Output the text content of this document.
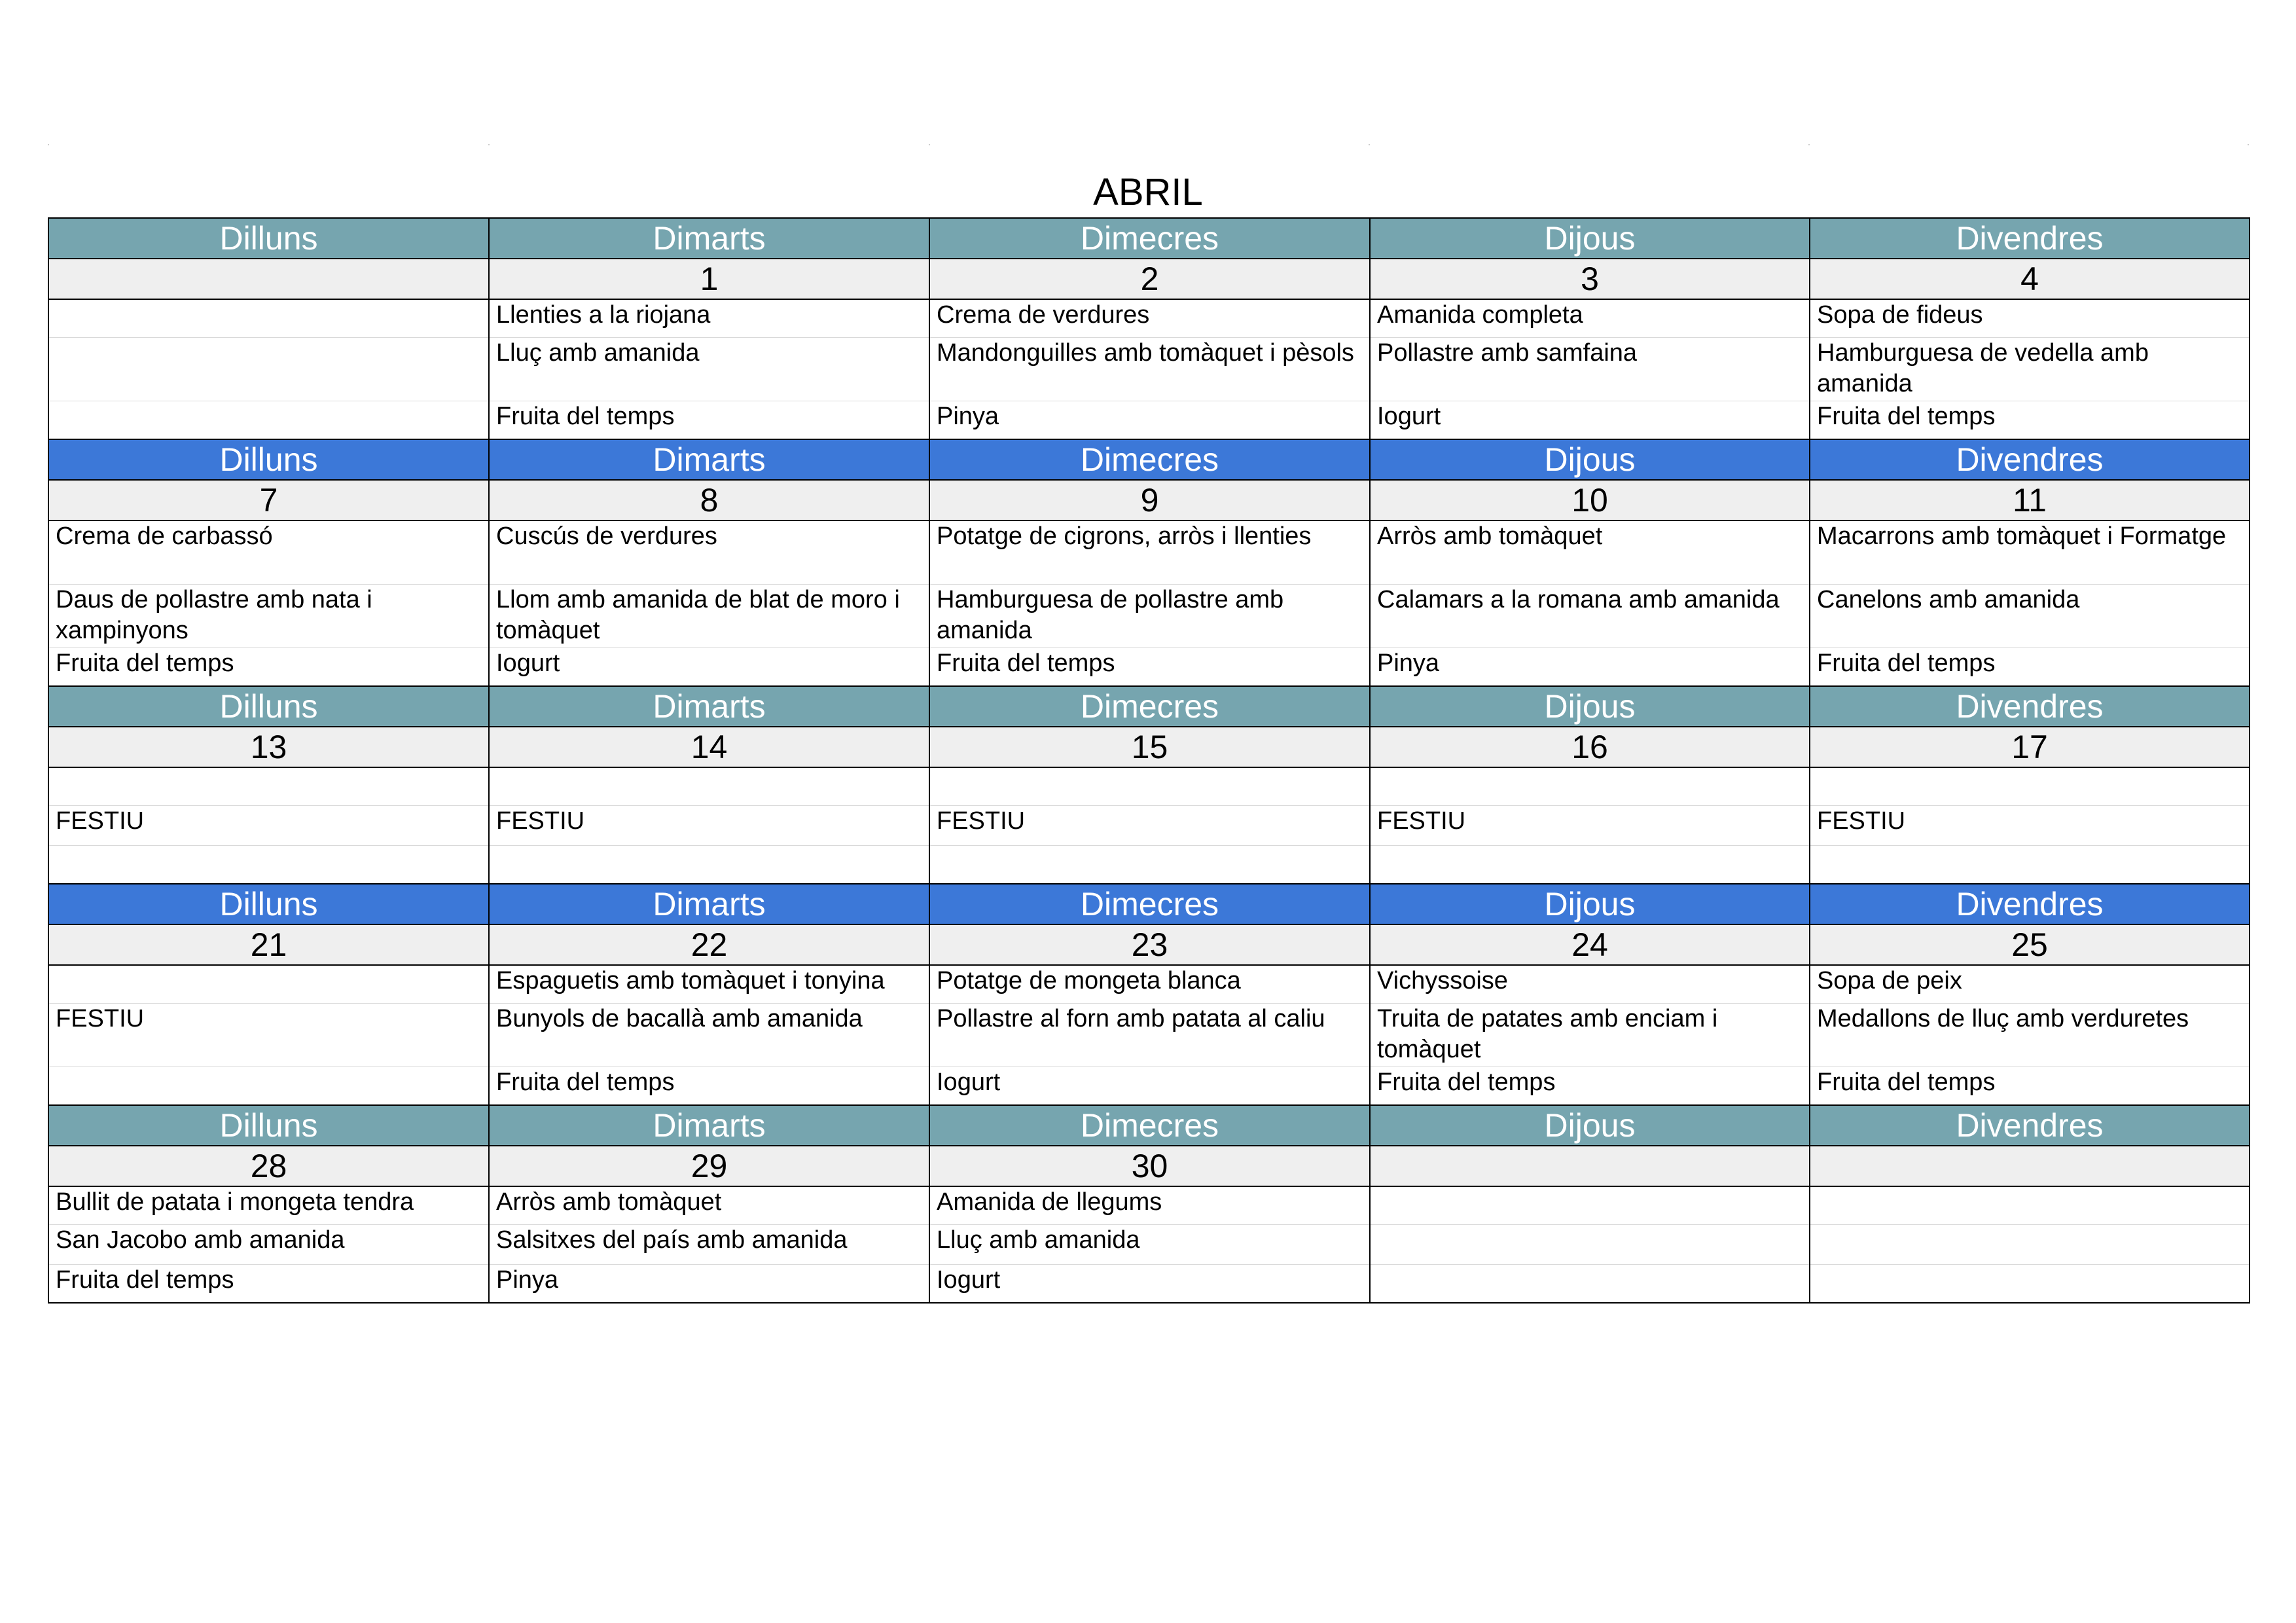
ABRIL
Dilluns	Dimarts	Dimecres	Dijous	Divendres
	1	2	3	4
	Llenties a la riojana	Crema de verdures	Amanida completa	Sopa de fideus
	Lluç amb amanida	Mandonguilles amb tomàquet i pèsols	Pollastre amb samfaina	Hamburguesa de vedella amb amanida
	Fruita del temps	Pinya	Iogurt	Fruita del temps
Dilluns	Dimarts	Dimecres	Dijous	Divendres
7	8	9	10	11
Crema de carbassó	Cuscús de verdures	Potatge de cigrons, arròs i llenties	Arròs amb tomàquet	Macarrons amb tomàquet i Formatge
Daus de pollastre amb nata i xampinyons	Llom amb amanida de blat de moro i tomàquet	Hamburguesa de pollastre amb amanida	Calamars a la romana amb amanida	Canelons amb amanida
Fruita del temps	Iogurt	Fruita del temps	Pinya	Fruita del temps
Dilluns	Dimarts	Dimecres	Dijous	Divendres
13	14	15	16	17

FESTIU	FESTIU	FESTIU	FESTIU	FESTIU

Dilluns	Dimarts	Dimecres	Dijous	Divendres
21	22	23	24	25
	Espaguetis amb tomàquet i tonyina	Potatge de mongeta blanca	Vichyssoise	Sopa de peix
FESTIU	Bunyols de bacallà amb amanida	Pollastre al forn amb patata al caliu	Truita de patates amb enciam i tomàquet	Medallons de lluç amb verduretes
	Fruita del temps	Iogurt	Fruita del temps	Fruita del temps
Dilluns	Dimarts	Dimecres	Dijous	Divendres
28	29	30		
Bullit de patata i mongeta tendra	Arròs amb tomàquet	Amanida de llegums		
San Jacobo amb amanida	Salsitxes del país amb amanida	Lluç amb amanida		
Fruita del temps	Pinya	Iogurt		
